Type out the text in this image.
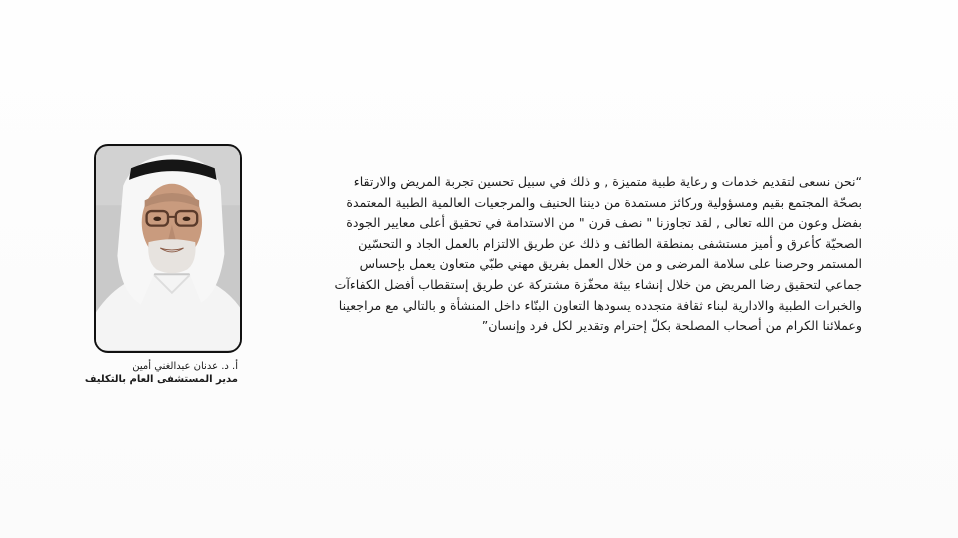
أ. د. عدنان عبدالغني أمين
مدير المستشفى العام بالتكليف
“نحن نسعى لتقديم خدمات و رعاية طبية متميزة , و ذلك في سبيل تحسين تجربة المريض والارتقاء
بصحّة المجتمع بقيم ومسؤولية وركائز مستمدة من ديننا الحنيف والمرجعيات العالمية الطبية المعتمدة
بفضل وعون من الله تعالى , لقد تجاوزنا " نصف قرن " من الاستدامة في تحقيق أعلى معايير الجودة
الصحيّة كأعرق و أميز مستشفى بمنطقة الطائف و ذلك عن طريق الالتزام بالعمل الجاد و التحسّين
المستمر وحرصنا على سلامة المرضى و من خلال العمل بفريق مهني طبّي متعاون يعمل بإحساس
جماعي لتحقيق رضا المريض من خلال إنشاء بيئة محفّزة مشتركة عن طريق إستقطاب أفضل الكفاءآت
والخبرات الطبية والادارية لبناء ثقافة متجدده يسودها التعاون البنّاء داخل المنشأة و بالتالي مع مراجعينا
وعملائنا الكرام من أصحاب المصلحة بكلّ إحترام وتقدير لكل فرد وإنسان”
